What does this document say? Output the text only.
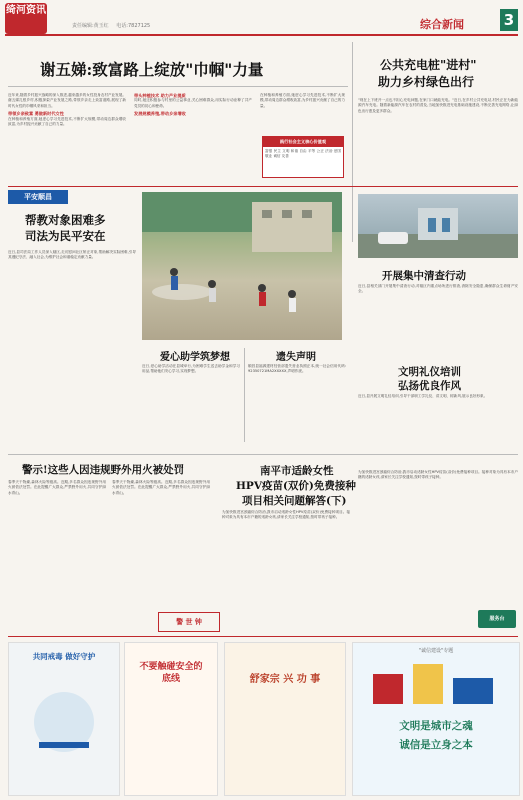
绮河资讯
责任编辑:黄玉红 电话:7827125	综合新闻	3
谢五娣:致富路上绽放"巾帼"力量
近年来,随着乡村振兴战略的深入推进,越来越多的女性投身农村产业发展。谢五娣扎根乡村,积极探索产业发展之路,带领乡亲走上致富道路,展现了新时代女性的巾帼风采和担当。
带领乡亲致富 勇做新时代女性
在种植和养殖方面,她虚心学习先进技术,不断扩大规模,带动周边群众增收致富,为乡村振兴贡献了自己的力量。
带头种植技术 助力产业提质
同时,她还积极参与村里的公益事业,关心困难群众,用实际行动诠释了共产党员的初心和使命。
发展规模养殖,带动乡亲增收
在种植和养殖方面,她虚心学习先进技术,不断扩大规模,带动周边群众增收致富,为乡村振兴贡献了自己的力量。
践行社会主义核心价值观
富强 民主 文明 和谐 自由 平等 公正 法治 爱国 敬业 诚信 友善
公共充电桩"进村"
助力乡村绿色出行
"现在上下班开一点也不担心充电问题,在家门口就能充电。"近日,在乡村公共充电站,村民正在为新能源汽车充电。随着新能源汽车在农村的普及,当地加快推进充电基础设施建设,不断完善充电网络,让绿色出行惠及更多群众。
平安顺昌
帮教对象困难多
司法为民平安在
近日,县司法局工作人员深入辖区,走访慰问社区矫正对象,帮助解决实际困难,引导其遵纪守法、融入社会,为维护社会和谐稳定贡献力量。
开展集中清查行动
近日,县相关部门开展集中清查行动,对辖区内重点场所进行排查,消除安全隐患,确保群众生命财产安全。
文明礼仪培训
弘扬优良作风
近日,县开展文明礼仪培训,引导干部职工学礼仪、讲文明、树新风,展示良好形象。
爱心助学筑梦想
近日,爱心助学活动在县城举行,为困难学生送去助学金和学习用品,帮助他们安心学习,实现梦想。
遗失声明
顺昌县福源建材经营部遗失营业执照正本,统一社会信用代码:92350721MA2XXXXX,声明作废。
警示!这些人因违规野外用火被处罚
春季天干物燥,森林火险等级高。近期,多名群众因违规野外用火被依法处罚。在此提醒广大群众,严禁野外用火,共同守护绿水青山。
春季天干物燥,森林火险等级高。近期,多名群众因违规野外用火被依法处罚。在此提醒广大群众,严禁野外用火,共同守护绿水青山。
警 世 钟
南平市适龄女性
HPV疫苗(双价)免费接种
项目相关问题解答(下)
为加快推进宫颈癌综合防治,我市启动适龄女性HPV疫苗(双价)免费接种项目。接种对象为具有本市户籍的适龄女孩,请家长关注学校通知,按时带孩子接种。
为加快推进宫颈癌综合防治,我市启动适龄女性HPV疫苗(双价)免费接种项目。接种对象为具有本市户籍的适龄女孩,请家长关注学校通知,按时带孩子接种。
服务台
共同戒毒 做好守护
不要触碰安全的底线	舒家宗 兴 功 事
"诚信建设"专题
文明是城市之魂
诚信是立身之本
